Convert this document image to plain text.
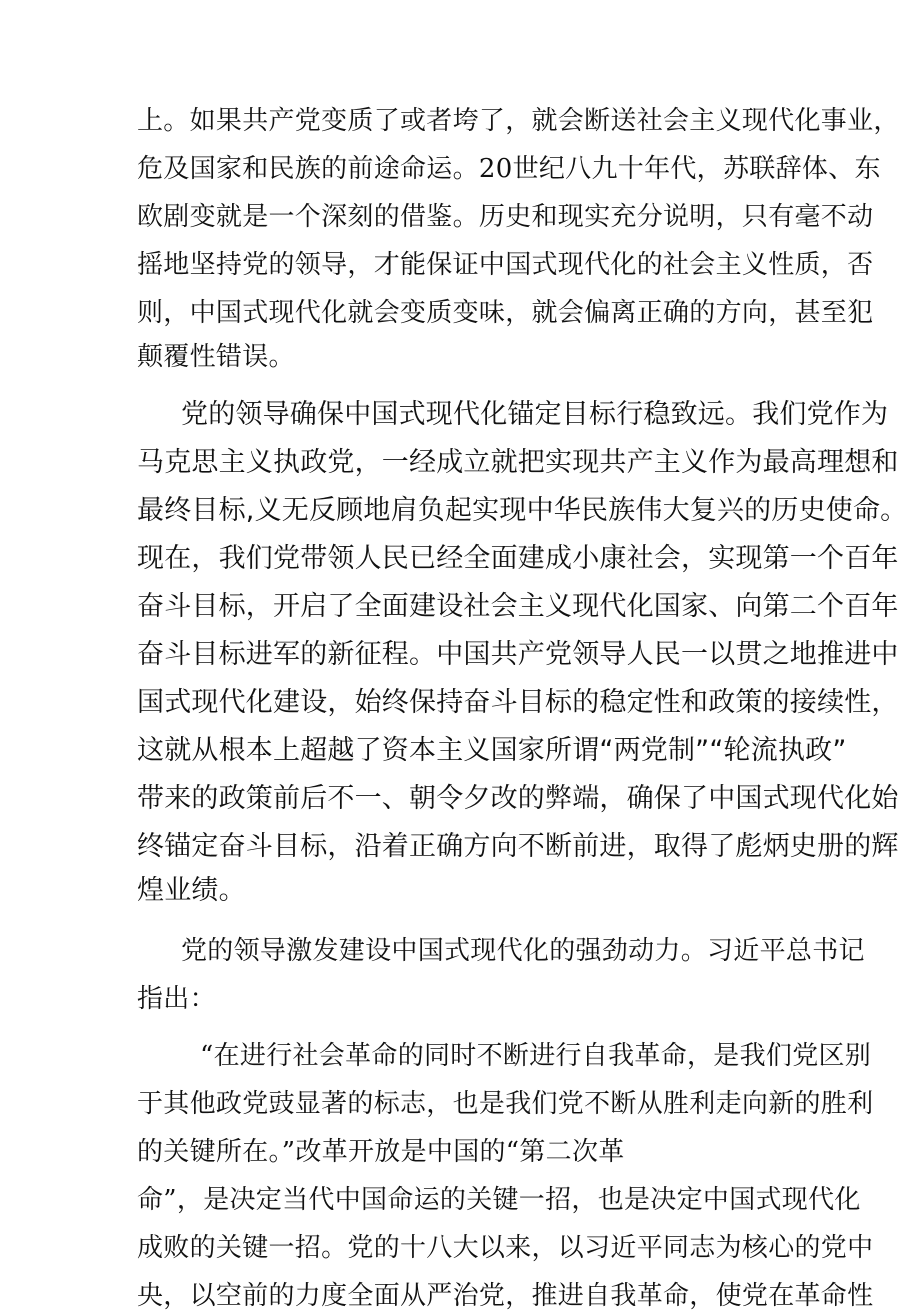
上。如果共产党变质了或者垮了，就会断送社会主义现代化事业，
危及国家和民族的前途命运。20世纪八九十年代，苏联辞体、东
欧剧变就是一个深刻的借鉴。历史和现实充分说明，只有毫不动
摇地坚持党的领导，才能保证中国式现代化的社会主义性质，否
则，中国式现代化就会变质变味，就会偏离正确的方向，甚至犯
颠覆性错误。
党的领导确保中国式现代化锚定目标行稳致远。我们党作为
马克思主义执政党，一经成立就把实现共产主义作为最高理想和
最终目标,义无反顾地肩负起实现中华民族伟大复兴的历史使命。
现在，我们党带领人民已经全面建成小康社会，实现第一个百年
奋斗目标，开启了全面建设社会主义现代化国家、向第二个百年
奋斗目标进军的新征程。中国共产党领导人民一以贯之地推进中
国式现代化建设，始终保持奋斗目标的稳定性和政策的接续性，
这就从根本上超越了资本主义国家所谓“两党制”“轮流执政”
带来的政策前后不一、朝令夕改的弊端，确保了中国式现代化始
终锚定奋斗目标，沿着正确方向不断前进，取得了彪炳史册的辉
煌业绩。
党的领导激发建设中国式现代化的强劲动力。习近平总书记
指出：
“在进行社会革命的同时不断进行自我革命，是我们党区别
于其他政党豉显著的标志，也是我们党不断从胜利走向新的胜利
的关键所在。”改革开放是中国的“第二次革
命”，是决定当代中国命运的关键一招，也是决定中国式现代化
成败的关键一招。党的十八大以来，以习近平同志为核心的党中
央，以空前的力度全面从严治党，推进自我革命，使党在革命性
